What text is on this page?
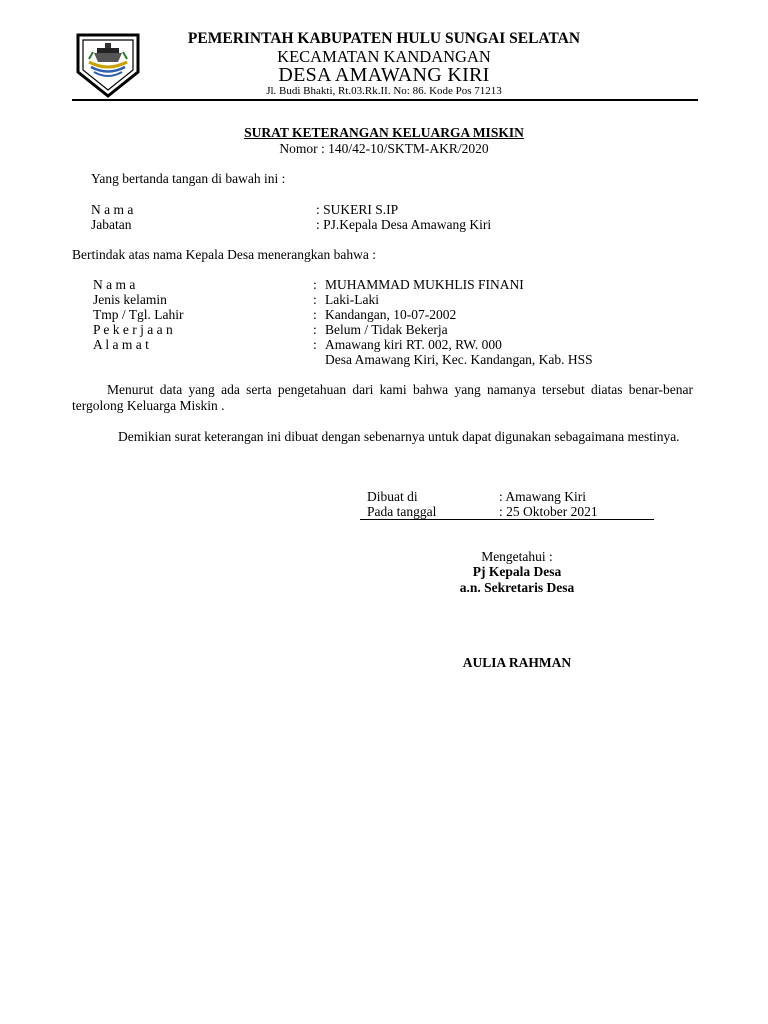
PEMERINTAH KABUPATEN HULU SUNGAI SELATAN
KECAMATAN KANDANGAN
DESA AMAWANG KIRI
Jl. Budi Bhakti, Rt.03.Rk.II. No: 86. Kode Pos 71213
SURAT KETERANGAN KELUARGA MISKIN
Nomor : 140/42-10/SKTM-AKR/2020
Yang bertanda tangan di bawah ini :
N a m a	: SUKERI S.IP
Jabatan	: PJ.Kepala Desa Amawang Kiri
Bertindak atas nama Kepala Desa menerangkan bahwa :
N a m a	: MUHAMMAD MUKHLIS FINANI
Jenis kelamin	: Laki-Laki
Tmp / Tgl. Lahir	: Kandangan, 10-07-2002
P e k e r j a a n	: Belum / Tidak Bekerja
A l a m a t	: Amawang kiri RT. 002, RW. 000
Desa Amawang Kiri, Kec. Kandangan, Kab. HSS
Menurut data yang ada serta pengetahuan dari kami bahwa yang namanya tersebut diatas benar-benar tergolong Keluarga Miskin .
Demikian surat keterangan ini dibuat dengan sebenarnya untuk dapat digunakan sebagaimana mestinya.
Dibuat di	: Amawang Kiri
Pada tanggal	: 25 Oktober 2021
Mengetahui :
Pj Kepala Desa
a.n. Sekretaris Desa
AULIA RAHMAN
